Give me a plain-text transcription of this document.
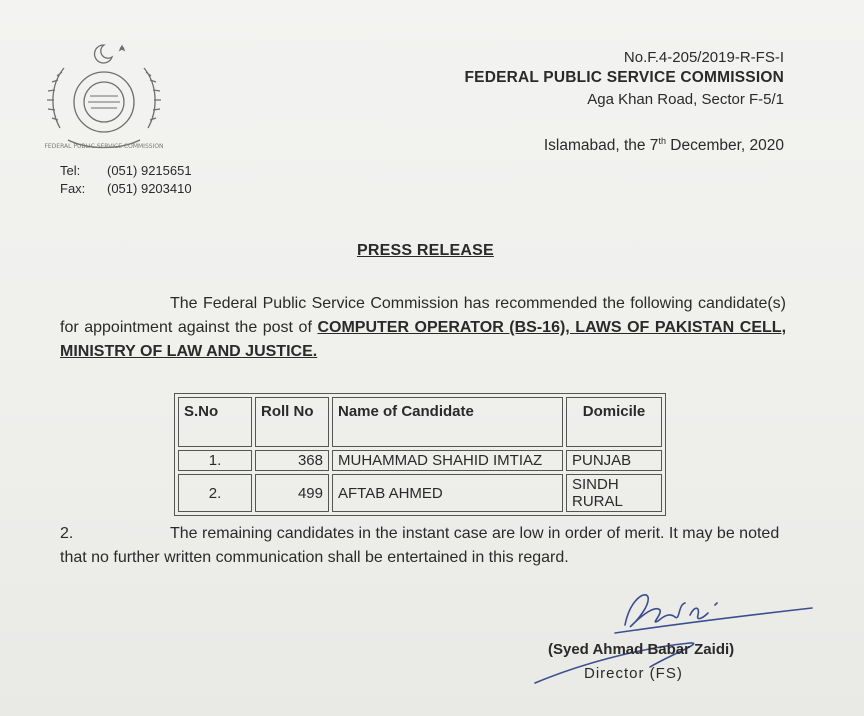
FEDERAL PUBLIC SERVICE COMMISSION
No.F.4-205/2019-R-FS-I
FEDERAL PUBLIC SERVICE COMMISSION
Aga Khan Road, Sector F-5/1
Islamabad, the 7th December, 2020
Tel: (051) 9215651
Fax: (051) 9203410
PRESS RELEASE
The Federal Public Service Commission has recommended the following candidate(s) for appointment against the post of COMPUTER OPERATOR (BS-16), LAWS OF PAKISTAN CELL, MINISTRY OF LAW AND JUSTICE.
S.No	Roll No	Name of Candidate	Domicile
1.	368	MUHAMMAD SHAHID IMTIAZ	PUNJAB
2.	499	AFTAB AHMED	SINDH RURAL
2.	The remaining candidates in the instant case are low in order of merit. It may be noted that no further written communication shall be entertained in this regard.
(Syed Ahmad Babar Zaidi)
Director (FS)
